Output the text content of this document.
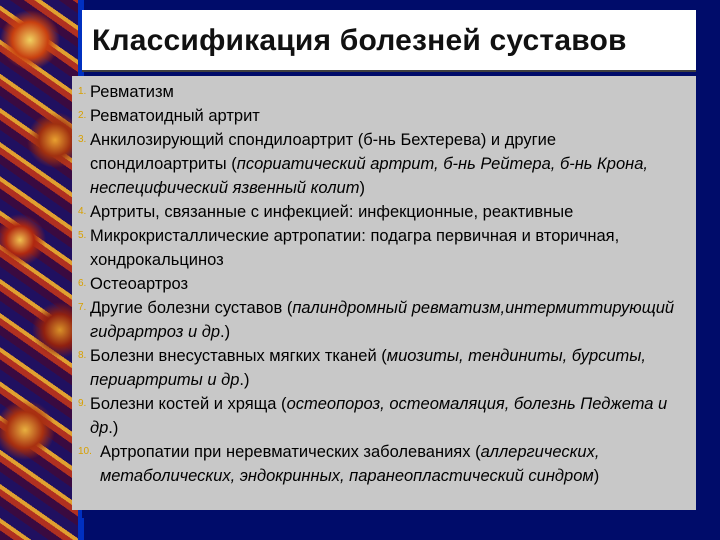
Классификация болезней суставов
1. Ревматизм
2. Ревматоидный артрит
3. Анкилозирующий спондилоартрит (б-нь Бехтерева) и другие спондилоартриты (псориатический артрит, б-нь Рейтера, б-нь Крона, неспецифический язвенный колит)
4. Артриты, связанные с инфекцией: инфекционные, реактивные
5. Микрокристаллические артропатии: подагра первичная и вторичная, хондрокальциноз
6. Остеоартроз
7. Другие болезни суставов (палиндромный ревматизм,интермиттирующий гидрартроз и др.)
8. Болезни внесуставных мягких тканей (миозиты, тендиниты, бурситы, периартриты и др.)
9. Болезни костей и хряща (остеопороз, остеомаляция, болезнь Педжета и др.)
10. Артропатии при неревматических заболеваниях (аллергических, метаболических, эндокринных, паранеопластический синдром)
